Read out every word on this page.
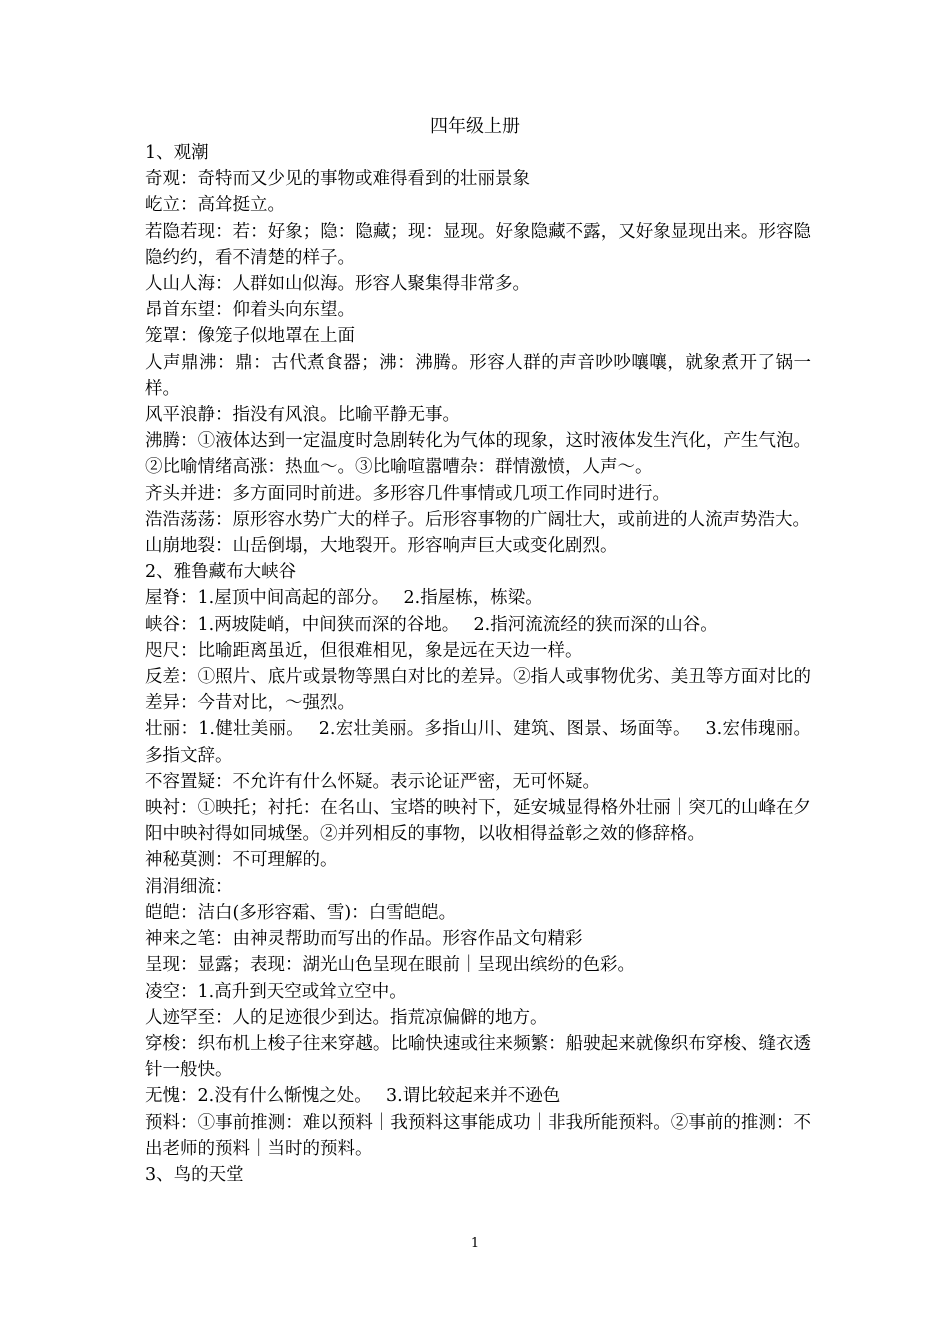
四年级上册

1、观潮

奇观：奇特而又少见的事物或难得看到的壮丽景象

屹立：高耸挺立。

若隐若现：若：好象；隐：隐藏；现：显现。好象隐藏不露，又好象显现出来。形容隐隐约约，看不清楚的样子。

人山人海：人群如山似海。形容人聚集得非常多。

昂首东望：仰着头向东望。

笼罩：像笼子似地罩在上面

人声鼎沸：鼎：古代煮食器；沸：沸腾。形容人群的声音吵吵嚷嚷，就象煮开了锅一样。

风平浪静：指没有风浪。比喻平静无事。

沸腾：①液体达到一定温度时急剧转化为气体的现象，这时液体发生汽化，产生气泡。②比喻情绪高涨：热血～。③比喻喧嚣嘈杂：群情激愤，人声～。

齐头并进：多方面同时前进。多形容几件事情或几项工作同时进行。

浩浩荡荡：原形容水势广大的样子。后形容事物的广阔壮大，或前进的人流声势浩大。

山崩地裂：山岳倒塌，大地裂开。形容响声巨大或变化剧烈。

2、雅鲁藏布大峡谷

屋脊：1.屋顶中间高起的部分。　 2.指屋栋，栋梁。

峡谷：1.两坡陡峭，中间狭而深的谷地。　 2.指河流流经的狭而深的山谷。

咫尺：比喻距离虽近，但很难相见，象是远在天边一样。

反差：①照片、底片或景物等黑白对比的差异。②指人或事物优劣、美丑等方面对比的差异：今昔对比，～强烈。

壮丽：1.健壮美丽。　 2.宏壮美丽。多指山川、建筑、图景、场面等。　 3.宏伟瑰丽。多指文辞。

不容置疑：不允许有什么怀疑。表示论证严密，无可怀疑。

映衬：①映托；衬托：在名山、宝塔的映衬下，延安城显得格外壮丽｜突兀的山峰在夕阳中映衬得如同城堡。②并列相反的事物，以收相得益彰之效的修辞格。

神秘莫测：不可理解的。

涓涓细流：

皑皑：洁白(多形容霜、雪)：白雪皑皑。

神来之笔：由神灵帮助而写出的作品。形容作品文句精彩

呈现：显露；表现：湖光山色呈现在眼前｜呈现出缤纷的色彩。

凌空：1.高升到天空或耸立空中。

人迹罕至：人的足迹很少到达。指荒凉偏僻的地方。

穿梭：织布机上梭子往来穿越。比喻快速或往来频繁：船驶起来就像织布穿梭、缝衣透针一般快。

无愧：2.没有什么惭愧之处。　 3.谓比较起来并不逊色

预料：①事前推测：难以预料｜我预料这事能成功｜非我所能预料。②事前的推测：不出老师的预料｜当时的预料。

3、鸟的天堂

1
